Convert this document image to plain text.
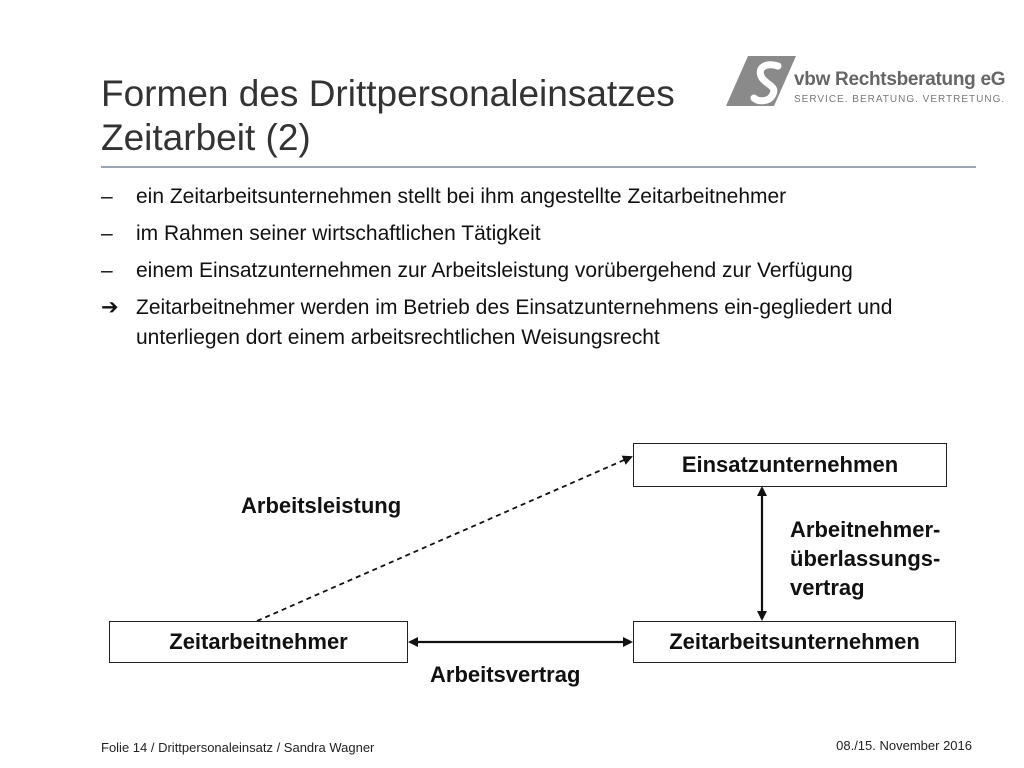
Formen des Drittpersonaleinsatzes
Zeitarbeit (2)
vbw Rechtsberatung eG
SERVICE. BERATUNG. VERTRETUNG.
–	ein Zeitarbeitsunternehmen stellt bei ihm angestellte Zeitarbeitnehmer
–	im Rahmen seiner wirtschaftlichen Tätigkeit
–	einem Einsatzunternehmen zur Arbeitsleistung vorübergehend zur Verfügung
➔ Zeitarbeitnehmer werden im Betrieb des Einsatzunternehmens ein-gegliedert und unterliegen dort einem arbeitsrechtlichen Weisungsrecht
Einsatzunternehmen
Zeitarbeitnehmer	Zeitarbeitsunternehmen
Arbeitsleistung
Arbeitnehmer-
überlassungs-
vertrag
Arbeitsvertrag
Folie 14 / Drittpersonaleinsatz / Sandra Wagner	08./15. November 2016
